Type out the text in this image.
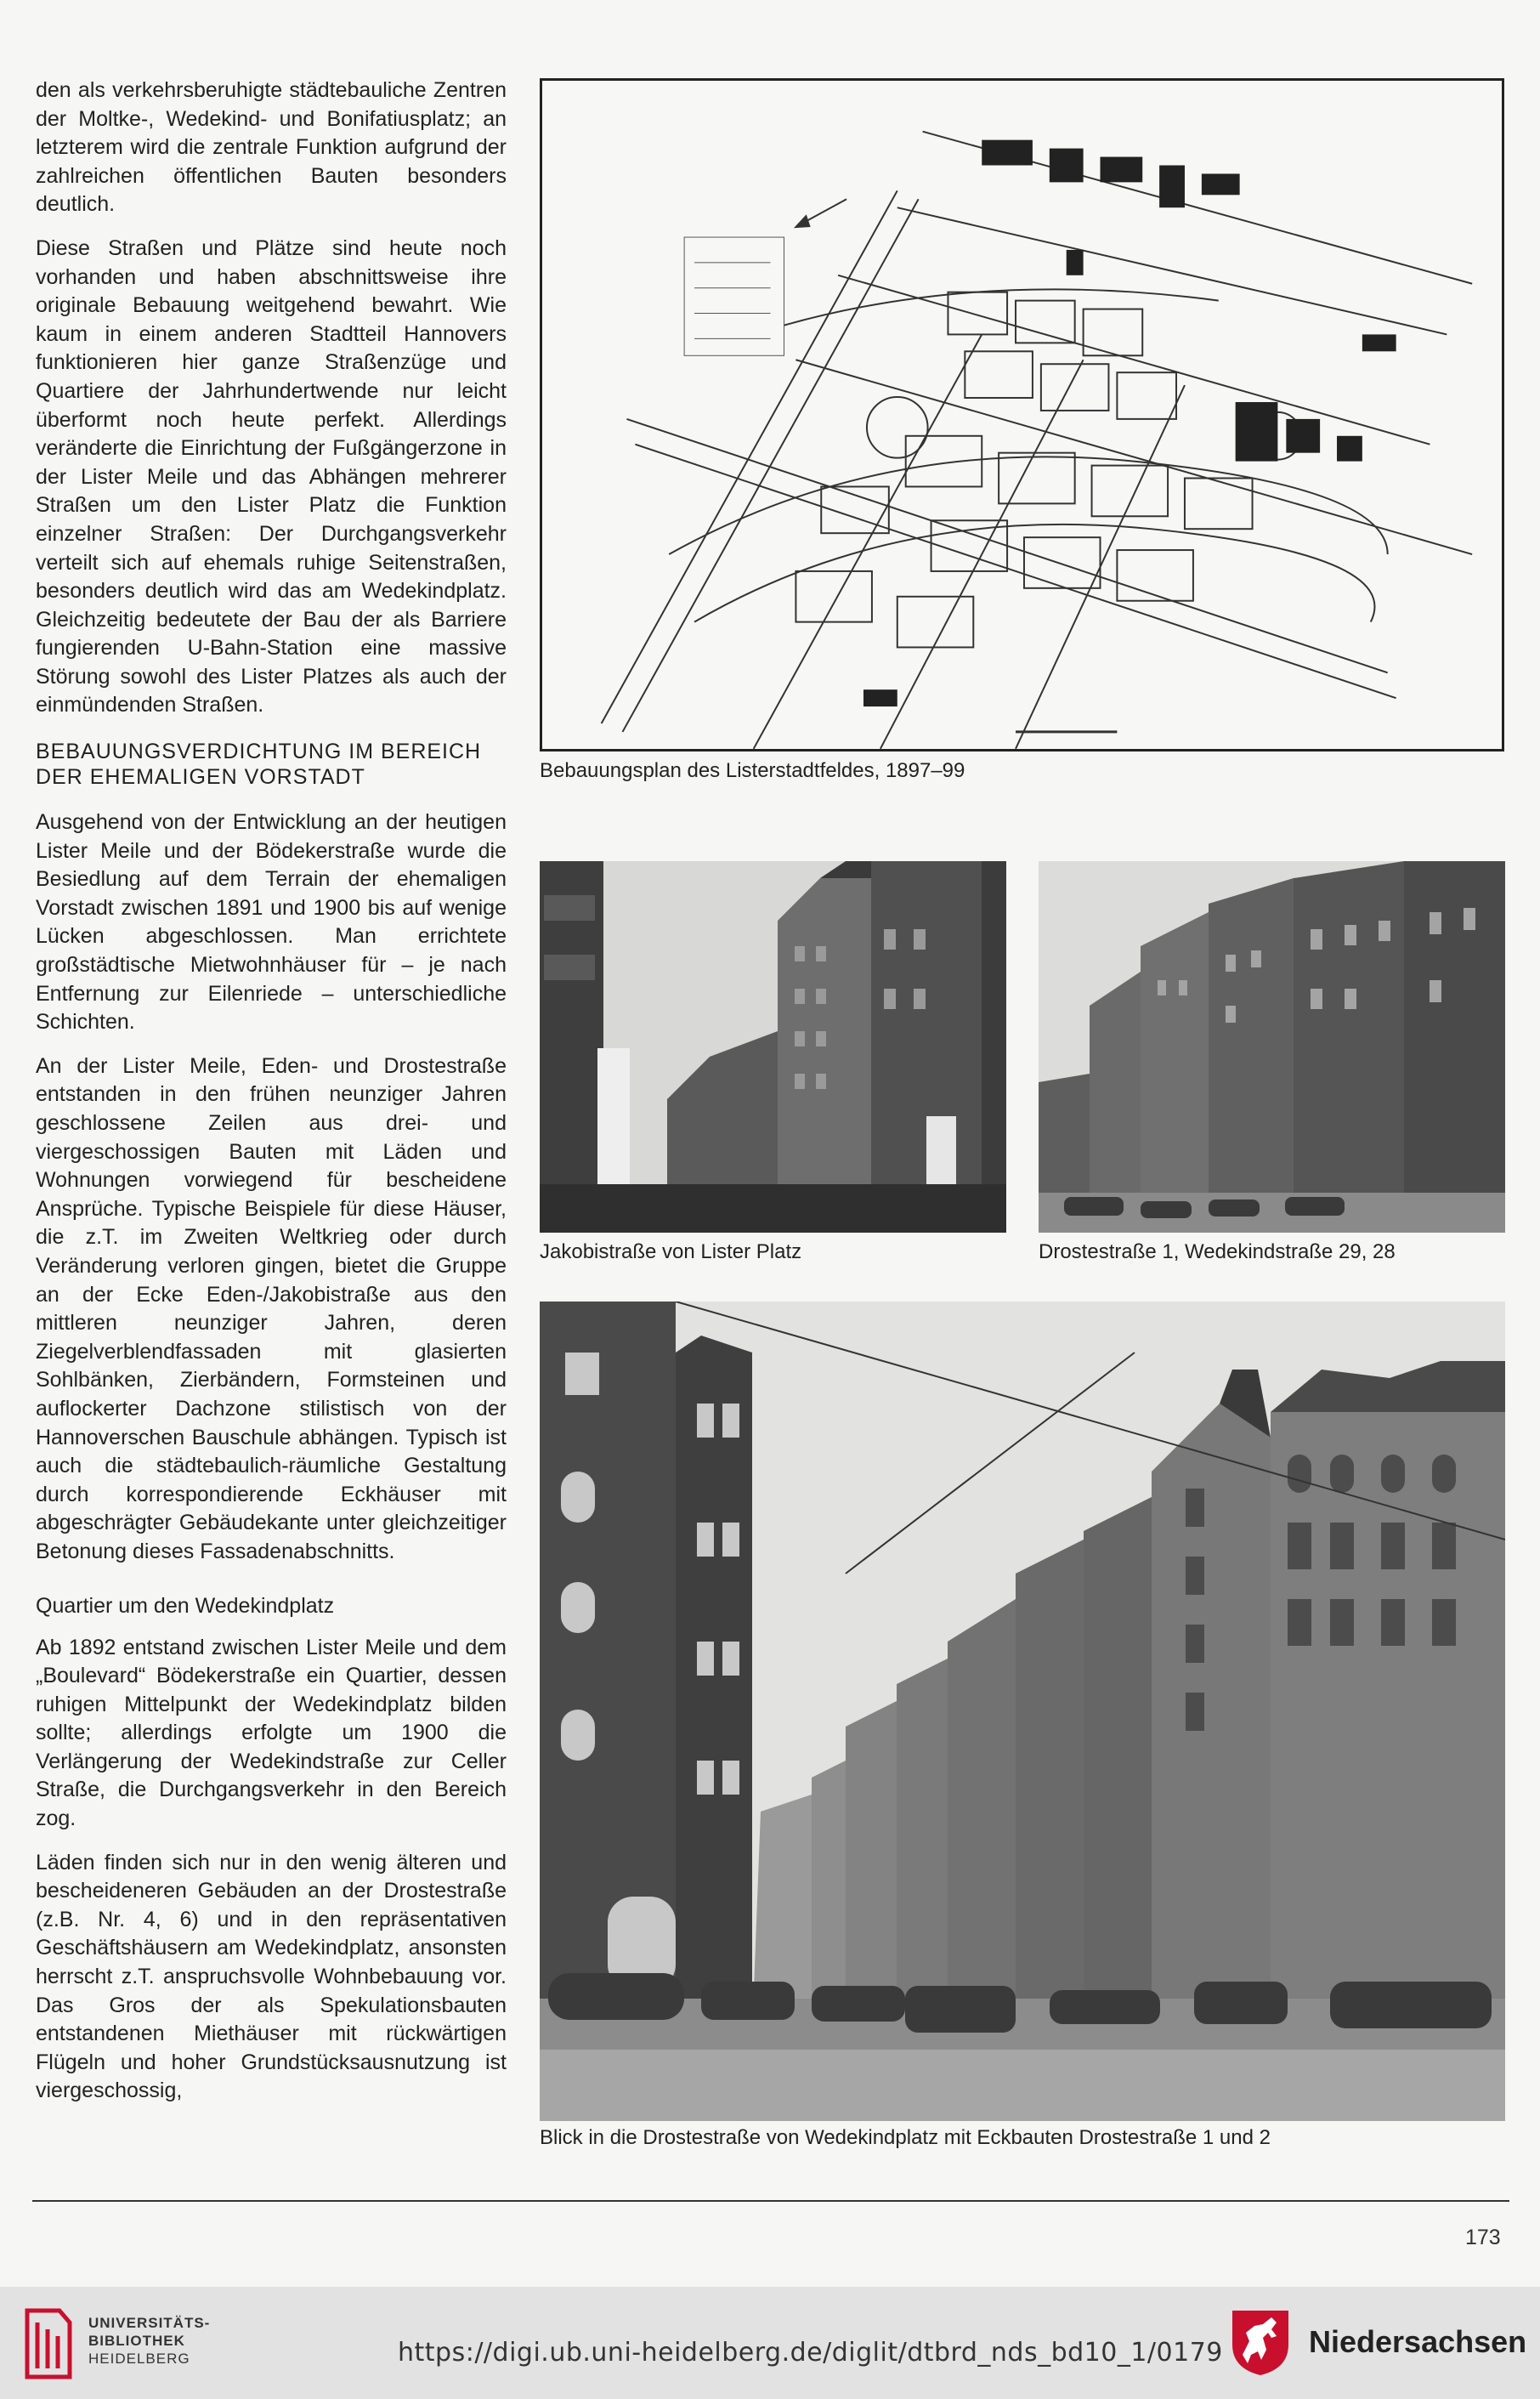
den als verkehrsberuhigte städtebauliche Zentren der Moltke-, Wedekind- und Bonifatiusplatz; an letzterem wird die zentrale Funktion aufgrund der zahlreichen öffentlichen Bauten besonders deutlich.

Diese Straßen und Plätze sind heute noch vorhanden und haben abschnittsweise ihre originale Bebauung weitgehend bewahrt. Wie kaum in einem anderen Stadtteil Hannovers funktionieren hier ganze Straßenzüge und Quartiere der Jahrhundertwende nur leicht überformt noch heute perfekt. Allerdings veränderte die Einrichtung der Fußgängerzone in der Lister Meile und das Abhängen mehrerer Straßen um den Lister Platz die Funktion einzelner Straßen: Der Durchgangsverkehr verteilt sich auf ehemals ruhige Seitenstraßen, besonders deutlich wird das am Wedekindplatz. Gleichzeitig bedeutete der Bau der als Barriere fungierenden U-Bahn-Station eine massive Störung sowohl des Lister Platzes als auch der einmündenden Straßen.

BEBAUUNGSVERDICHTUNG IM BEREICH DER EHEMALIGEN VORSTADT

Ausgehend von der Entwicklung an der heutigen Lister Meile und der Bödekerstraße wurde die Besiedlung auf dem Terrain der ehemaligen Vorstadt zwischen 1891 und 1900 bis auf wenige Lücken abgeschlossen. Man errichtete großstädtische Mietwohnhäuser für – je nach Entfernung zur Eilenriede – unterschiedliche Schichten.

An der Lister Meile, Eden- und Drostestraße entstanden in den frühen neunziger Jahren geschlossene Zeilen aus drei- und viergeschossigen Bauten mit Läden und Wohnungen vorwiegend für bescheidene Ansprüche. Typische Beispiele für diese Häuser, die z.T. im Zweiten Weltkrieg oder durch Veränderung verloren gingen, bietet die Gruppe an der Ecke Eden-/Jakobistraße aus den mittleren neunziger Jahren, deren Ziegelverblendfassaden mit glasierten Sohlbänken, Zierbändern, Formsteinen und auflockerter Dachzone stilistisch von der Hannoverschen Bauschule abhängen. Typisch ist auch die städtebaulich-räumliche Gestaltung durch korrespondierende Eckhäuser mit abgeschrägter Gebäudekante unter gleichzeitiger Betonung dieses Fassadenabschnitts.

Quartier um den Wedekindplatz

Ab 1892 entstand zwischen Lister Meile und dem „Boulevard“ Bödekerstraße ein Quartier, dessen ruhigen Mittelpunkt der Wedekindplatz bilden sollte; allerdings erfolgte um 1900 die Verlängerung der Wedekindstraße zur Celler Straße, die Durchgangsverkehr in den Bereich zog.

Läden finden sich nur in den wenig älteren und bescheideneren Gebäuden an der Drostestraße (z.B. Nr. 4, 6) und in den repräsentativen Geschäftshäusern am Wedekindplatz, ansonsten herrscht z.T. anspruchsvolle Wohnbebauung vor. Das Gros der als Spekulationsbauten entstandenen Miethäuser mit rückwärtigen Flügeln und hoher Grundstücksausnutzung ist viergeschossig,

Bebauungsplan des Listerstadtfeldes, 1897–99
Jakobistraße von Lister Platz	Drostestraße 1, Wedekindstraße 29, 28
Blick in die Drostestraße von Wedekindplatz mit Eckbauten Drostestraße 1 und 2
173
UNIVERSITÄTS-
BIBLIOTHEK
HEIDELBERG	https://digi.ub.uni-heidelberg.de/diglit/dtbrd_nds_bd10_1/0179	Niedersachsen
